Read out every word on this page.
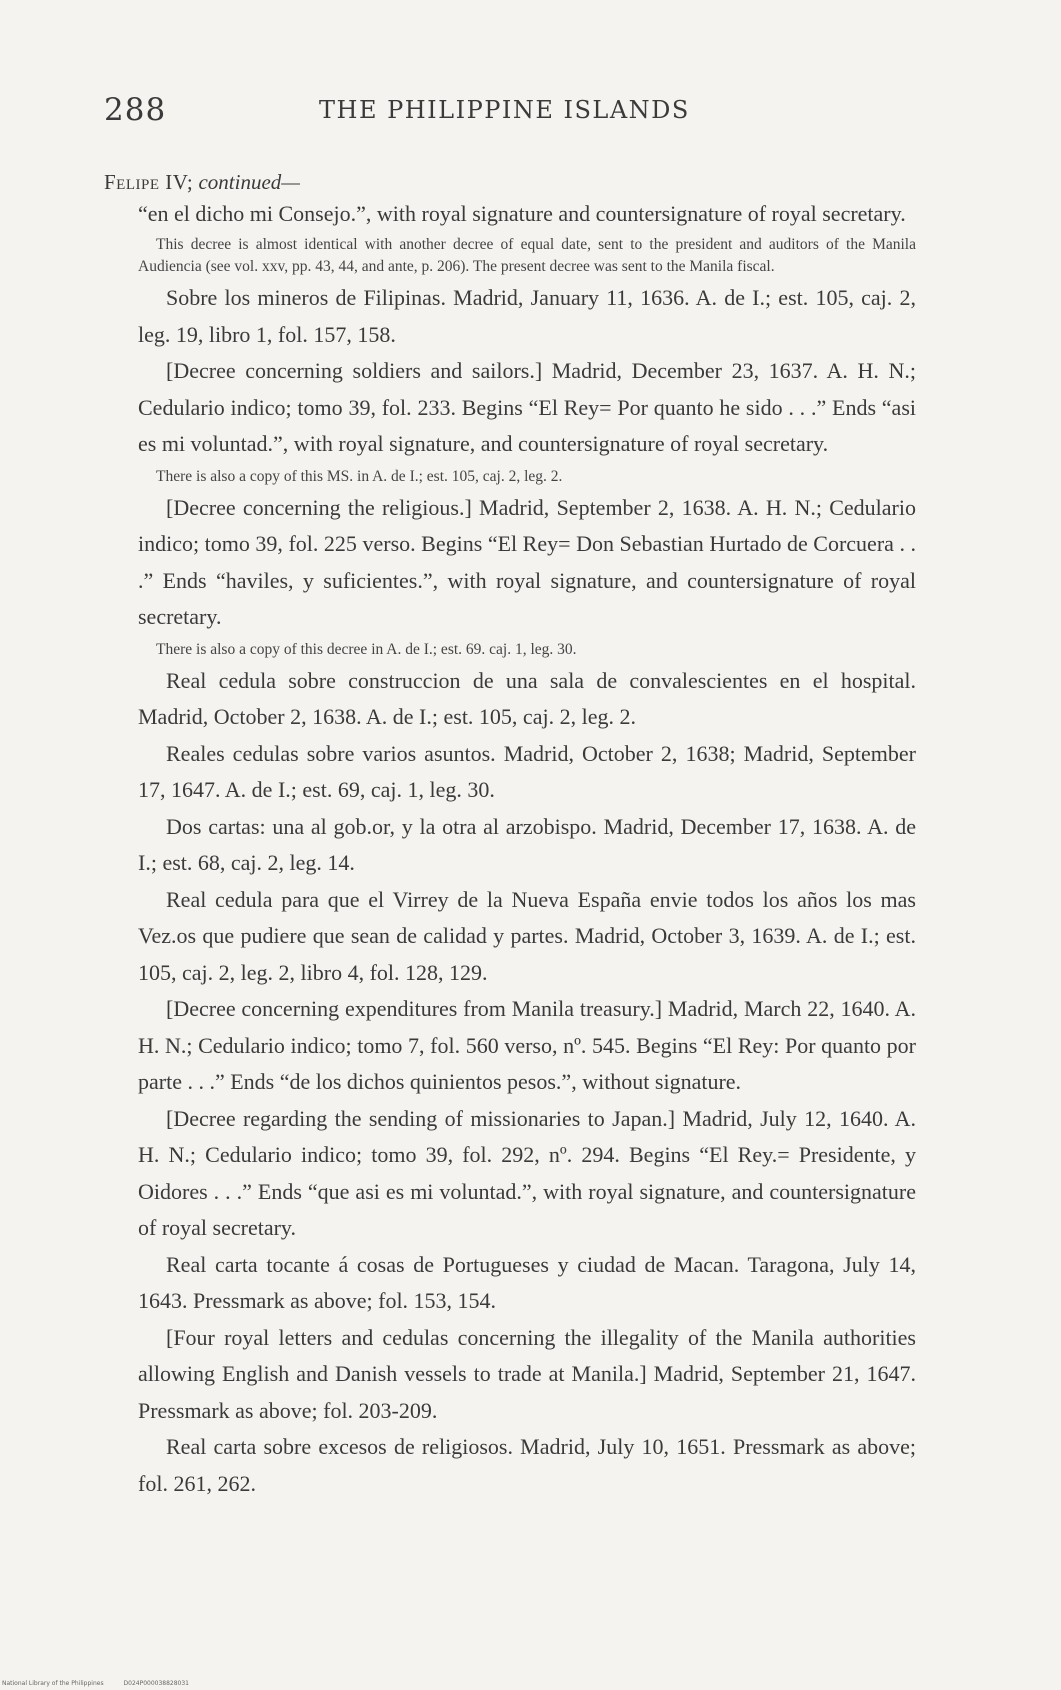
288	THE PHILIPPINE ISLANDS
Felipe IV; continued—

“en el dicho mi Consejo.”, with royal signature and countersignature of royal secretary.

This decree is almost identical with another decree of equal date, sent to the president and auditors of the Manila Audiencia (see vol. xxv, pp. 43, 44, and ante, p. 206). The present decree was sent to the Manila fiscal.

Sobre los mineros de Filipinas. Madrid, January 11, 1636. A. de I.; est. 105, caj. 2, leg. 19, libro 1, fol. 157, 158.

[Decree concerning soldiers and sailors.] Madrid, December 23, 1637. A. H. N.; Cedulario indico; tomo 39, fol. 233. Begins “El Rey= Por quanto he sido . . .” Ends “asi es mi voluntad.”, with royal signature, and countersignature of royal secretary.

There is also a copy of this MS. in A. de I.; est. 105, caj. 2, leg. 2.

[Decree concerning the religious.] Madrid, September 2, 1638. A. H. N.; Cedulario indico; tomo 39, fol. 225 verso. Begins “El Rey= Don Sebastian Hurtado de Corcuera . . .” Ends “haviles, y suficientes.”, with royal signature, and countersignature of royal secretary.

There is also a copy of this decree in A. de I.; est. 69. caj. 1, leg. 30.

Real cedula sobre construccion de una sala de convalescientes en el hospital. Madrid, October 2, 1638. A. de I.; est. 105, caj. 2, leg. 2.

Reales cedulas sobre varios asuntos. Madrid, October 2, 1638; Madrid, September 17, 1647. A. de I.; est. 69, caj. 1, leg. 30.

Dos cartas: una al gob.or, y la otra al arzobispo. Madrid, December 17, 1638. A. de I.; est. 68, caj. 2, leg. 14.

Real cedula para que el Virrey de la Nueva España envie todos los años los mas Vez.os que pudiere que sean de calidad y partes. Madrid, October 3, 1639. A. de I.; est. 105, caj. 2, leg. 2, libro 4, fol. 128, 129.

[Decree concerning expenditures from Manila treasury.] Madrid, March 22, 1640. A. H. N.; Cedulario indico; tomo 7, fol. 560 verso, nº. 545. Begins “El Rey: Por quanto por parte . . .” Ends “de los dichos quinientos pesos.”, without signature.

[Decree regarding the sending of missionaries to Japan.] Madrid, July 12, 1640. A. H. N.; Cedulario indico; tomo 39, fol. 292, nº. 294. Begins “El Rey.= Presidente, y Oidores . . .” Ends “que asi es mi voluntad.”, with royal signature, and countersignature of royal secretary.

Real carta tocante á cosas de Portugueses y ciudad de Macan. Taragona, July 14, 1643. Pressmark as above; fol. 153, 154.

[Four royal letters and cedulas concerning the illegality of the Manila authorities allowing English and Danish vessels to trade at Manila.] Madrid, September 21, 1647. Pressmark as above; fol. 203-209.

Real carta sobre excesos de religiosos. Madrid, July 10, 1651. Pressmark as above; fol. 261, 262.

National Library of the Philippines	D024P000038828031
